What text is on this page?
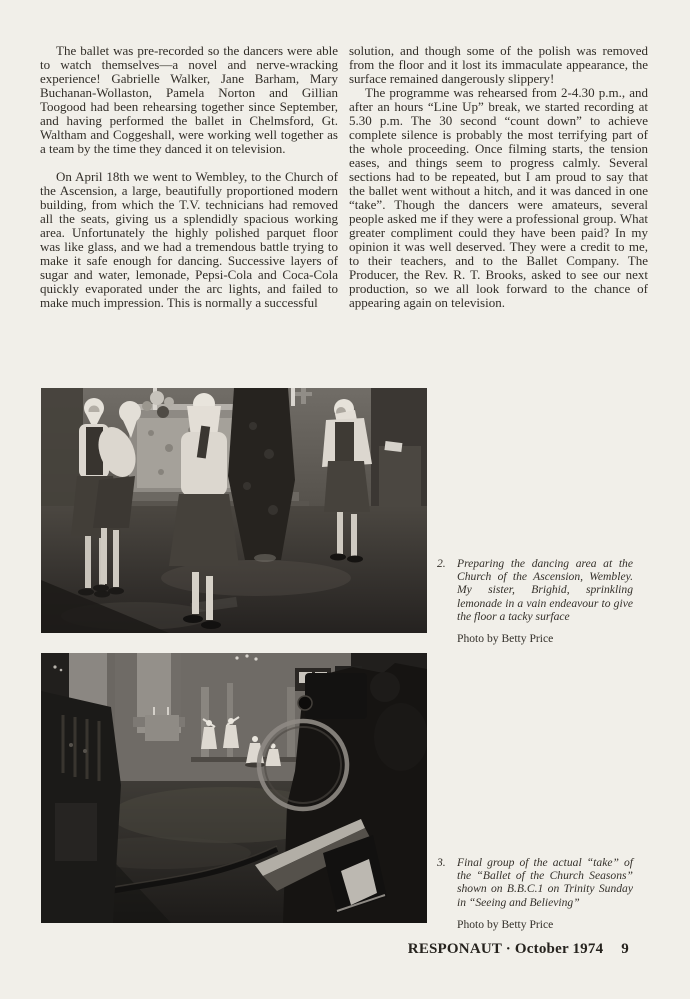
The ballet was pre-recorded so the dancers were able to watch themselves—a novel and nerve-wracking experience! Gabrielle Walker, Jane Barham, Mary Buchanan-Wollaston, Pamela Norton and Gillian Toogood had been rehearsing together since September, and having performed the ballet in Chelmsford, Gt. Waltham and Coggeshall, were working well together as a team by the time they danced it on television.

On April 18th we went to Wembley, to the Church of the Ascension, a large, beautifully proportioned modern building, from which the T.V. technicians had removed all the seats, giving us a splendidly spacious working area. Unfortunately the highly polished parquet floor was like glass, and we had a tremendous battle trying to make it safe enough for dancing. Successive layers of sugar and water, lemonade, Pepsi-Cola and Coca-Cola quickly evaporated under the arc lights, and failed to make much impression. This is normally a successful

solution, and though some of the polish was removed from the floor and it lost its immaculate appearance, the surface remained dangerously slippery!

The programme was rehearsed from 2-4.30 p.m., and after an hours “Line Up” break, we started recording at 5.30 p.m. The 30 second “count down” to achieve complete silence is probably the most terrifying part of the whole proceeding. Once filming starts, the tension eases, and things seem to progress calmly. Several sections had to be repeated, but I am proud to say that the ballet went without a hitch, and it was danced in one “take”. Though the dancers were amateurs, several people asked me if they were a professional group. What greater compliment could they have been paid? In my opinion it was well deserved. They were a credit to me, to their teachers, and to the Ballet Company. The Producer, the Rev. R. T. Brooks, asked to see our next production, so we all look forward to the chance of appearing again on television.

2. Preparing the dancing area at the Church of the Ascension, Wembley. My sister, Brighid, sprinkling lemonade in a vain endeavour to give the floor a tacky surface

Photo by Betty Price

3. Final group of the actual “take” of the “Ballet of the Church Seasons” shown on B.B.C.1 on Trinity Sunday in “Seeing and Believing”

Photo by Betty Price

RESPONAUT · October 1974 9
